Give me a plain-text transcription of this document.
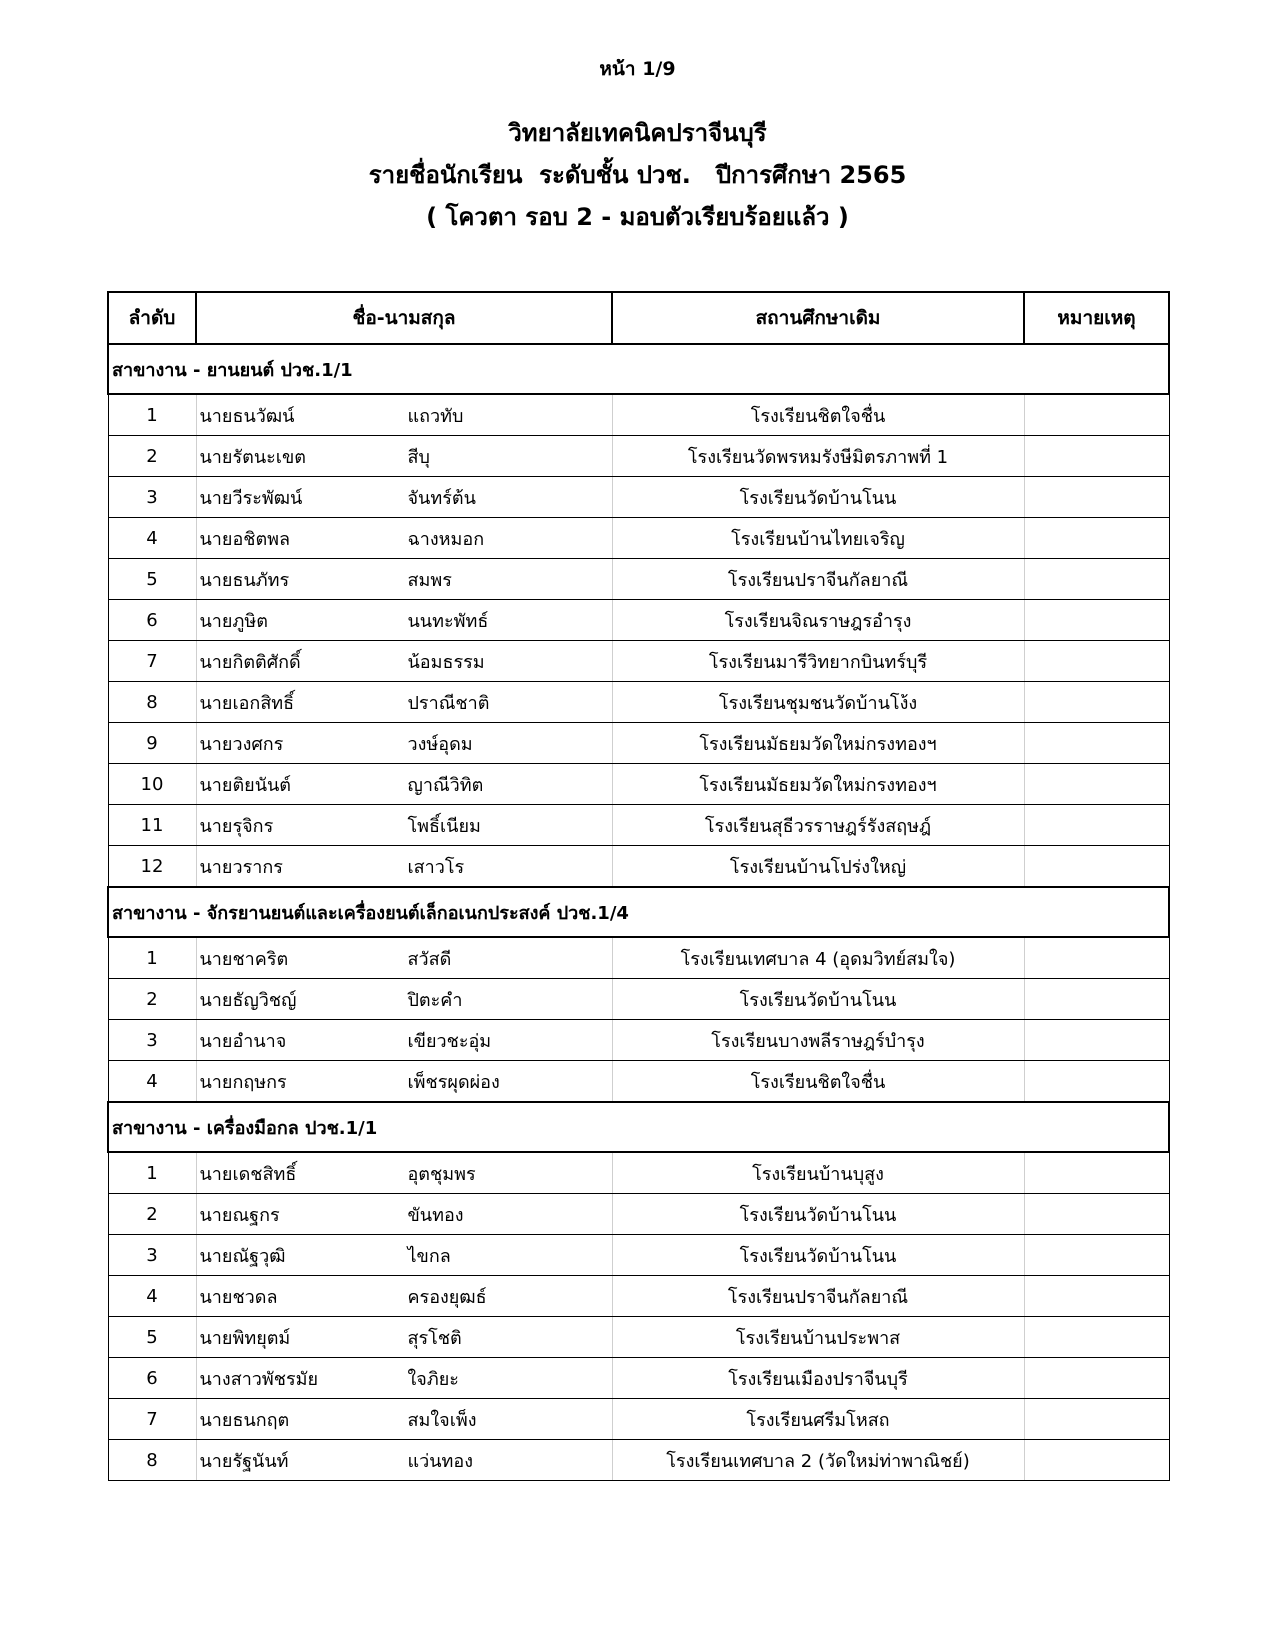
หน้า 1/9
วิทยาลัยเทคนิคปราจีนบุรี
รายชื่อนักเรียน  ระดับชั้น ปวช.   ปีการศึกษา 2565
( โควตา รอบ 2 - มอบตัวเรียบร้อยแล้ว )
ลำดับ	ชื่อ-นามสกุล	สถานศึกษาเดิม	หมายเหตุ
สาขางาน - ยานยนต์ ปวช.1/1			
1	นายธนวัฒน์ แถวทับ	โรงเรียนชิตใจชื่น	
2	นายรัตนะเขต สีบุ	โรงเรียนวัดพรหมรังษีมิตรภาพที่ 1	
3	นายวีระพัฒน์ จันทร์ต้น	โรงเรียนวัดบ้านโนน	
4	นายอชิตพล ฉางหมอก	โรงเรียนบ้านไทยเจริญ	
5	นายธนภัทร สมพร	โรงเรียนปราจีนกัลยาณี	
6	นายภูษิต นนทะพัทธ์	โรงเรียนจิณราษฎรอำรุง	
7	นายกิตติศักดิ์ น้อมธรรม	โรงเรียนมารีวิทยากบินทร์บุรี	
8	นายเอกสิทธิ์ ปราณีชาติ	โรงเรียนชุมชนวัดบ้านโง้ง	
9	นายวงศกร วงษ์อุดม	โรงเรียนมัธยมวัดใหม่กรงทองฯ	
10	นายติยนันต์ ญาณีวิทิต	โรงเรียนมัธยมวัดใหม่กรงทองฯ	
11	นายรุจิกร โพธิ์เนียม	โรงเรียนสุธีวรราษฎร์รังสฤษฎ์	
12	นายวรากร เสาวโร	โรงเรียนบ้านโปร่งใหญ่	
สาขางาน - จักรยานยนต์และเครื่องยนต์เล็กอเนกประสงค์ ปวช.1/4			
1	นายชาคริต สวัสดี	โรงเรียนเทศบาล 4 (อุดมวิทย์สมใจ)	
2	นายธัญวิชญ์ ปิตะคำ	โรงเรียนวัดบ้านโนน	
3	นายอำนาจ เขียวชะอุ่ม	โรงเรียนบางพลีราษฎร์บำรุง	
4	นายกฤษกร เพ็ชรผุดผ่อง	โรงเรียนชิตใจชื่น	
สาขางาน - เครื่องมือกล ปวช.1/1			
1	นายเดชสิทธิ์ อุตชุมพร	โรงเรียนบ้านบุสูง	
2	นายณฐกร ขันทอง	โรงเรียนวัดบ้านโนน	
3	นายณัฐวุฒิ ไขกล	โรงเรียนวัดบ้านโนน	
4	นายชวดล ครองยุฒธ์	โรงเรียนปราจีนกัลยาณี	
5	นายพิทยุตม์ สุรโชติ	โรงเรียนบ้านประพาส	
6	นางสาวพัชรมัย ใจภิยะ	โรงเรียนเมืองปราจีนบุรี	
7	นายธนกฤต สมใจเพ็ง	โรงเรียนศรีมโหสถ	
8	นายรัฐนันท์ แว่นทอง	โรงเรียนเทศบาล 2 (วัดใหม่ท่าพาณิชย์)	
